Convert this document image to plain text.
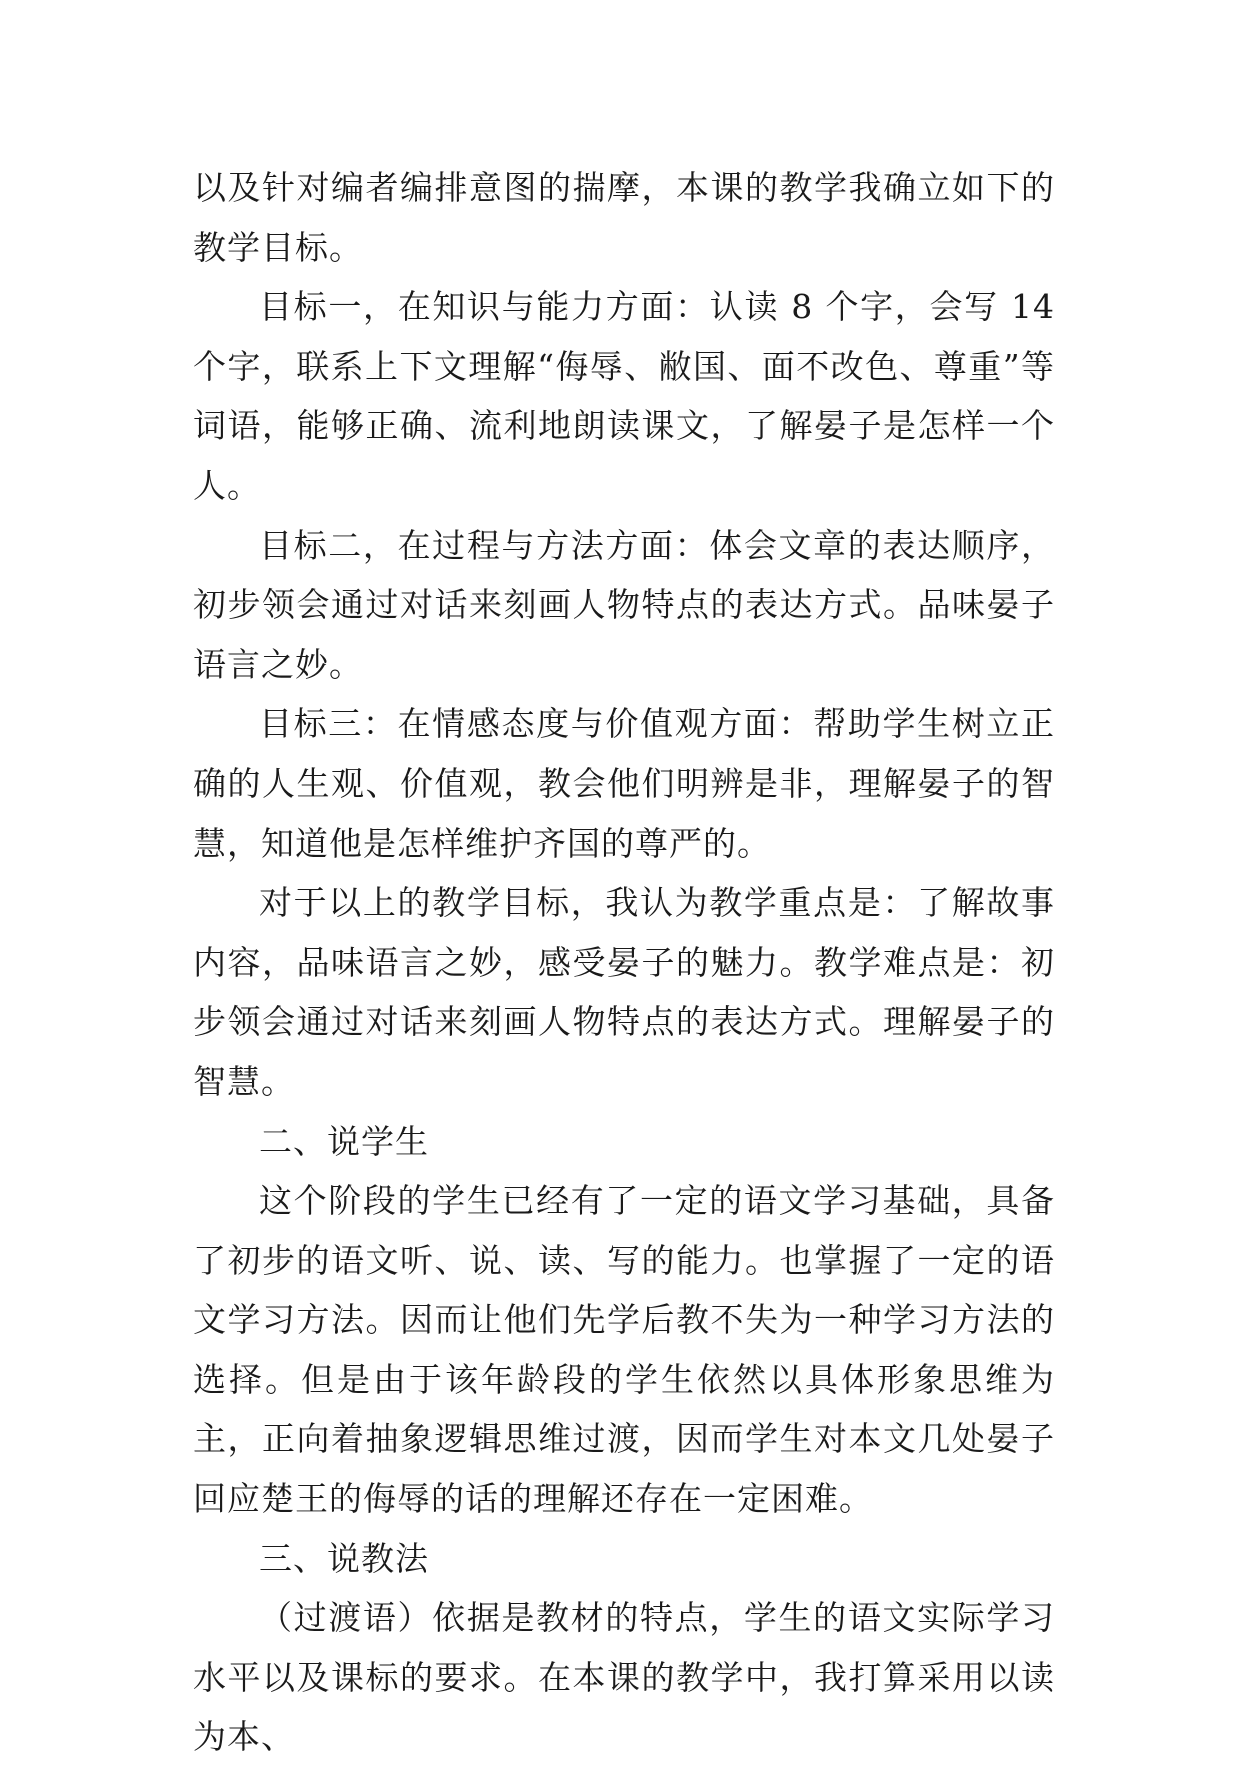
以及针对编者编排意图的揣摩，本课的教学我确立如下的教学目标。

目标一，在知识与能力方面：认读 8 个字，会写 14 个字，联系上下文理解“侮辱、敝国、面不改色、尊重”等词语，能够正确、流利地朗读课文，了解晏子是怎样一个人。

目标二，在过程与方法方面：体会文章的表达顺序，初步领会通过对话来刻画人物特点的表达方式。品味晏子语言之妙。

目标三：在情感态度与价值观方面：帮助学生树立正确的人生观、价值观，教会他们明辨是非，理解晏子的智慧，知道他是怎样维护齐国的尊严的。

对于以上的教学目标，我认为教学重点是：了解故事内容，品味语言之妙，感受晏子的魅力。教学难点是：初步领会通过对话来刻画人物特点的表达方式。理解晏子的智慧。

二、说学生

这个阶段的学生已经有了一定的语文学习基础，具备了初步的语文听、说、读、写的能力。也掌握了一定的语文学习方法。因而让他们先学后教不失为一种学习方法的选择。但是由于该年龄段的学生依然以具体形象思维为主，正向着抽象逻辑思维过渡，因而学生对本文几处晏子回应楚王的侮辱的话的理解还存在一定困难。

三、说教法

（过渡语）依据是教材的特点，学生的语文实际学习水平以及课标的要求。在本课的教学中，我打算采用以读为本、
